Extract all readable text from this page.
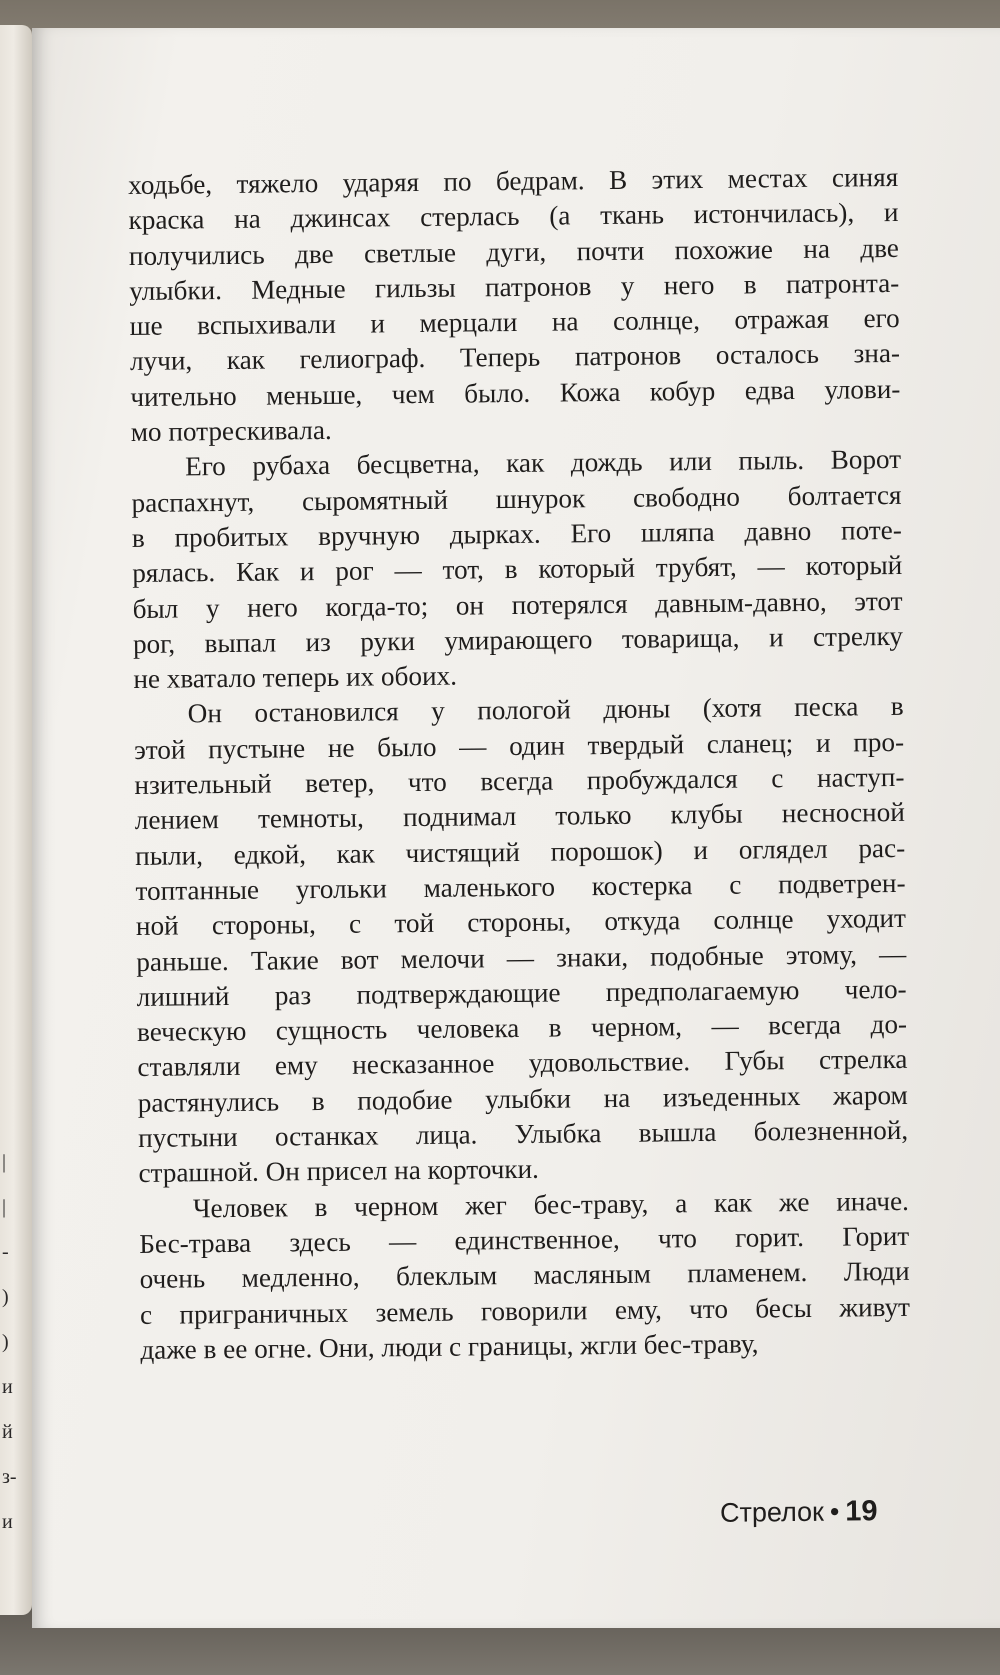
|
|
-
)
)
и
й
з-
и

ходьбе, тяжело ударяя по бедрам. В этих местах синяя
краска на джинсах стерлась (а ткань истончилась), и
получились две светлые дуги, почти похожие на две
улыбки. Медные гильзы патронов у него в патронта-
ше вспыхивали и мерцали на солнце, отражая его
лучи, как гелиограф. Теперь патронов осталось зна-
чительно меньше, чем было. Кожа кобур едва улови-
мо потрескивала.

Его рубаха бесцветна, как дождь или пыль. Ворот
распахнут, сыромятный шнурок свободно болтается
в пробитых вручную дырках. Его шляпа давно поте-
рялась. Как и рог — тот, в который трубят, — который
был у него когда-то; он потерялся давным-давно, этот
рог, выпал из руки умирающего товарища, и стрелку
не хватало теперь их обоих.

Он остановился у пологой дюны (хотя песка в
этой пустыне не было — один твердый сланец; и про-
нзительный ветер, что всегда пробуждался с наступ-
лением темноты, поднимал только клубы несносной
пыли, едкой, как чистящий порошок) и оглядел рас-
топтанные угольки маленького костерка с подветрен-
ной стороны, с той стороны, откуда солнце уходит
раньше. Такие вот мелочи — знаки, подобные этому, —
лишний раз подтверждающие предполагаемую чело-
веческую сущность человека в черном, — всегда до-
ставляли ему несказанное удовольствие. Губы стрелка
растянулись в подобие улыбки на изъеденных жаром
пустыни останках лица. Улыбка вышла болезненной,
страшной. Он присел на корточки.

Человек в черном жег бес-траву, а как же иначе.
Бес-трава здесь — единственное, что горит. Горит
очень медленно, блеклым масляным пламенем. Люди
с приграничных земель говорили ему, что бесы живут
даже в ее огне. Они, люди с границы, жгли бес-траву,

Стрелок • 19
